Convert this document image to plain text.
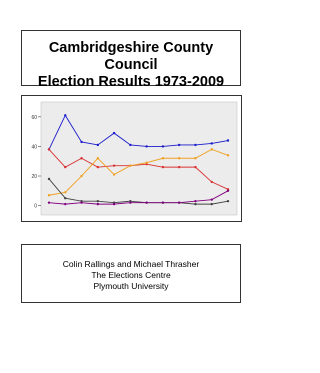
Cambridgeshire County Council
Election Results 1973-2009
0
20
40
60
Colin Rallings and Michael Thrasher
The Elections Centre
Plymouth University
